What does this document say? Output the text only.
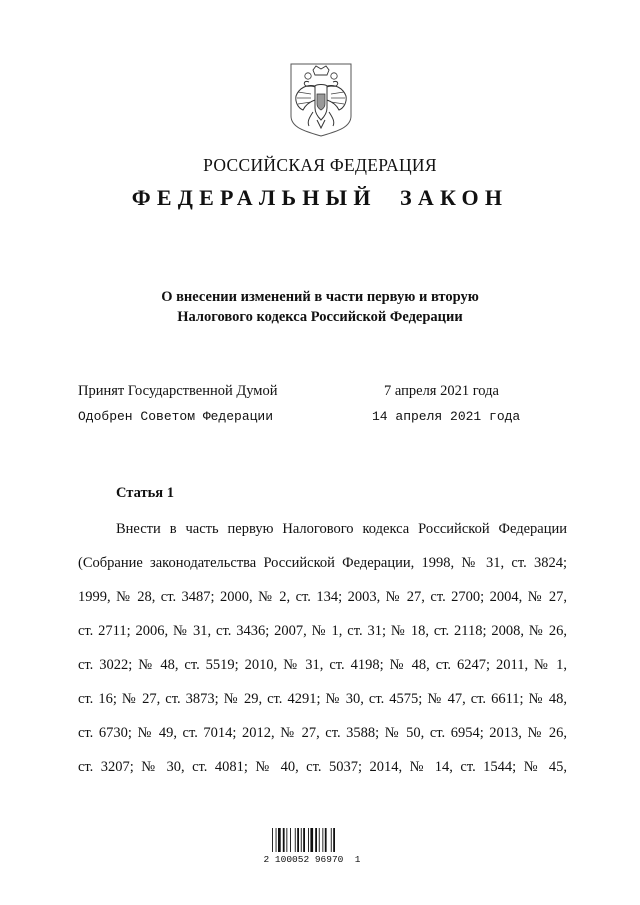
РОССИЙСКАЯ ФЕДЕРАЦИЯ
ФЕДЕРАЛЬНЫЙ  ЗАКОН
О внесении изменений в части первую и вторую
Налогового кодекса Российской Федерации
Принят Государственной Думой	7 апреля 2021 года
Одобрен Советом Федерации	14 апреля 2021 года
Статья 1
Внести в часть первую Налогового кодекса Российской Федерации
(Собрание законодательства Российской Федерации, 1998, № 31, ст. 3824;
1999, № 28, ст. 3487; 2000, № 2, ст. 134; 2003, № 27, ст. 2700; 2004, № 27,
ст. 2711; 2006, № 31, ст. 3436; 2007, № 1, ст. 31; № 18, ст. 2118; 2008, № 26,
ст. 3022; № 48, ст. 5519; 2010, № 31, ст. 4198; № 48, ст. 6247; 2011, № 1,
ст. 16; № 27, ст. 3873; № 29, ст. 4291; № 30, ст. 4575; № 47, ст. 6611; № 48,
ст. 6730; № 49, ст. 7014; 2012, № 27, ст. 3588; № 50, ст. 6954; 2013, № 26,
ст. 3207; № 30, ст. 4081; № 40, ст. 5037; 2014, № 14, ст. 1544; № 45,
2 100052 96970  1
